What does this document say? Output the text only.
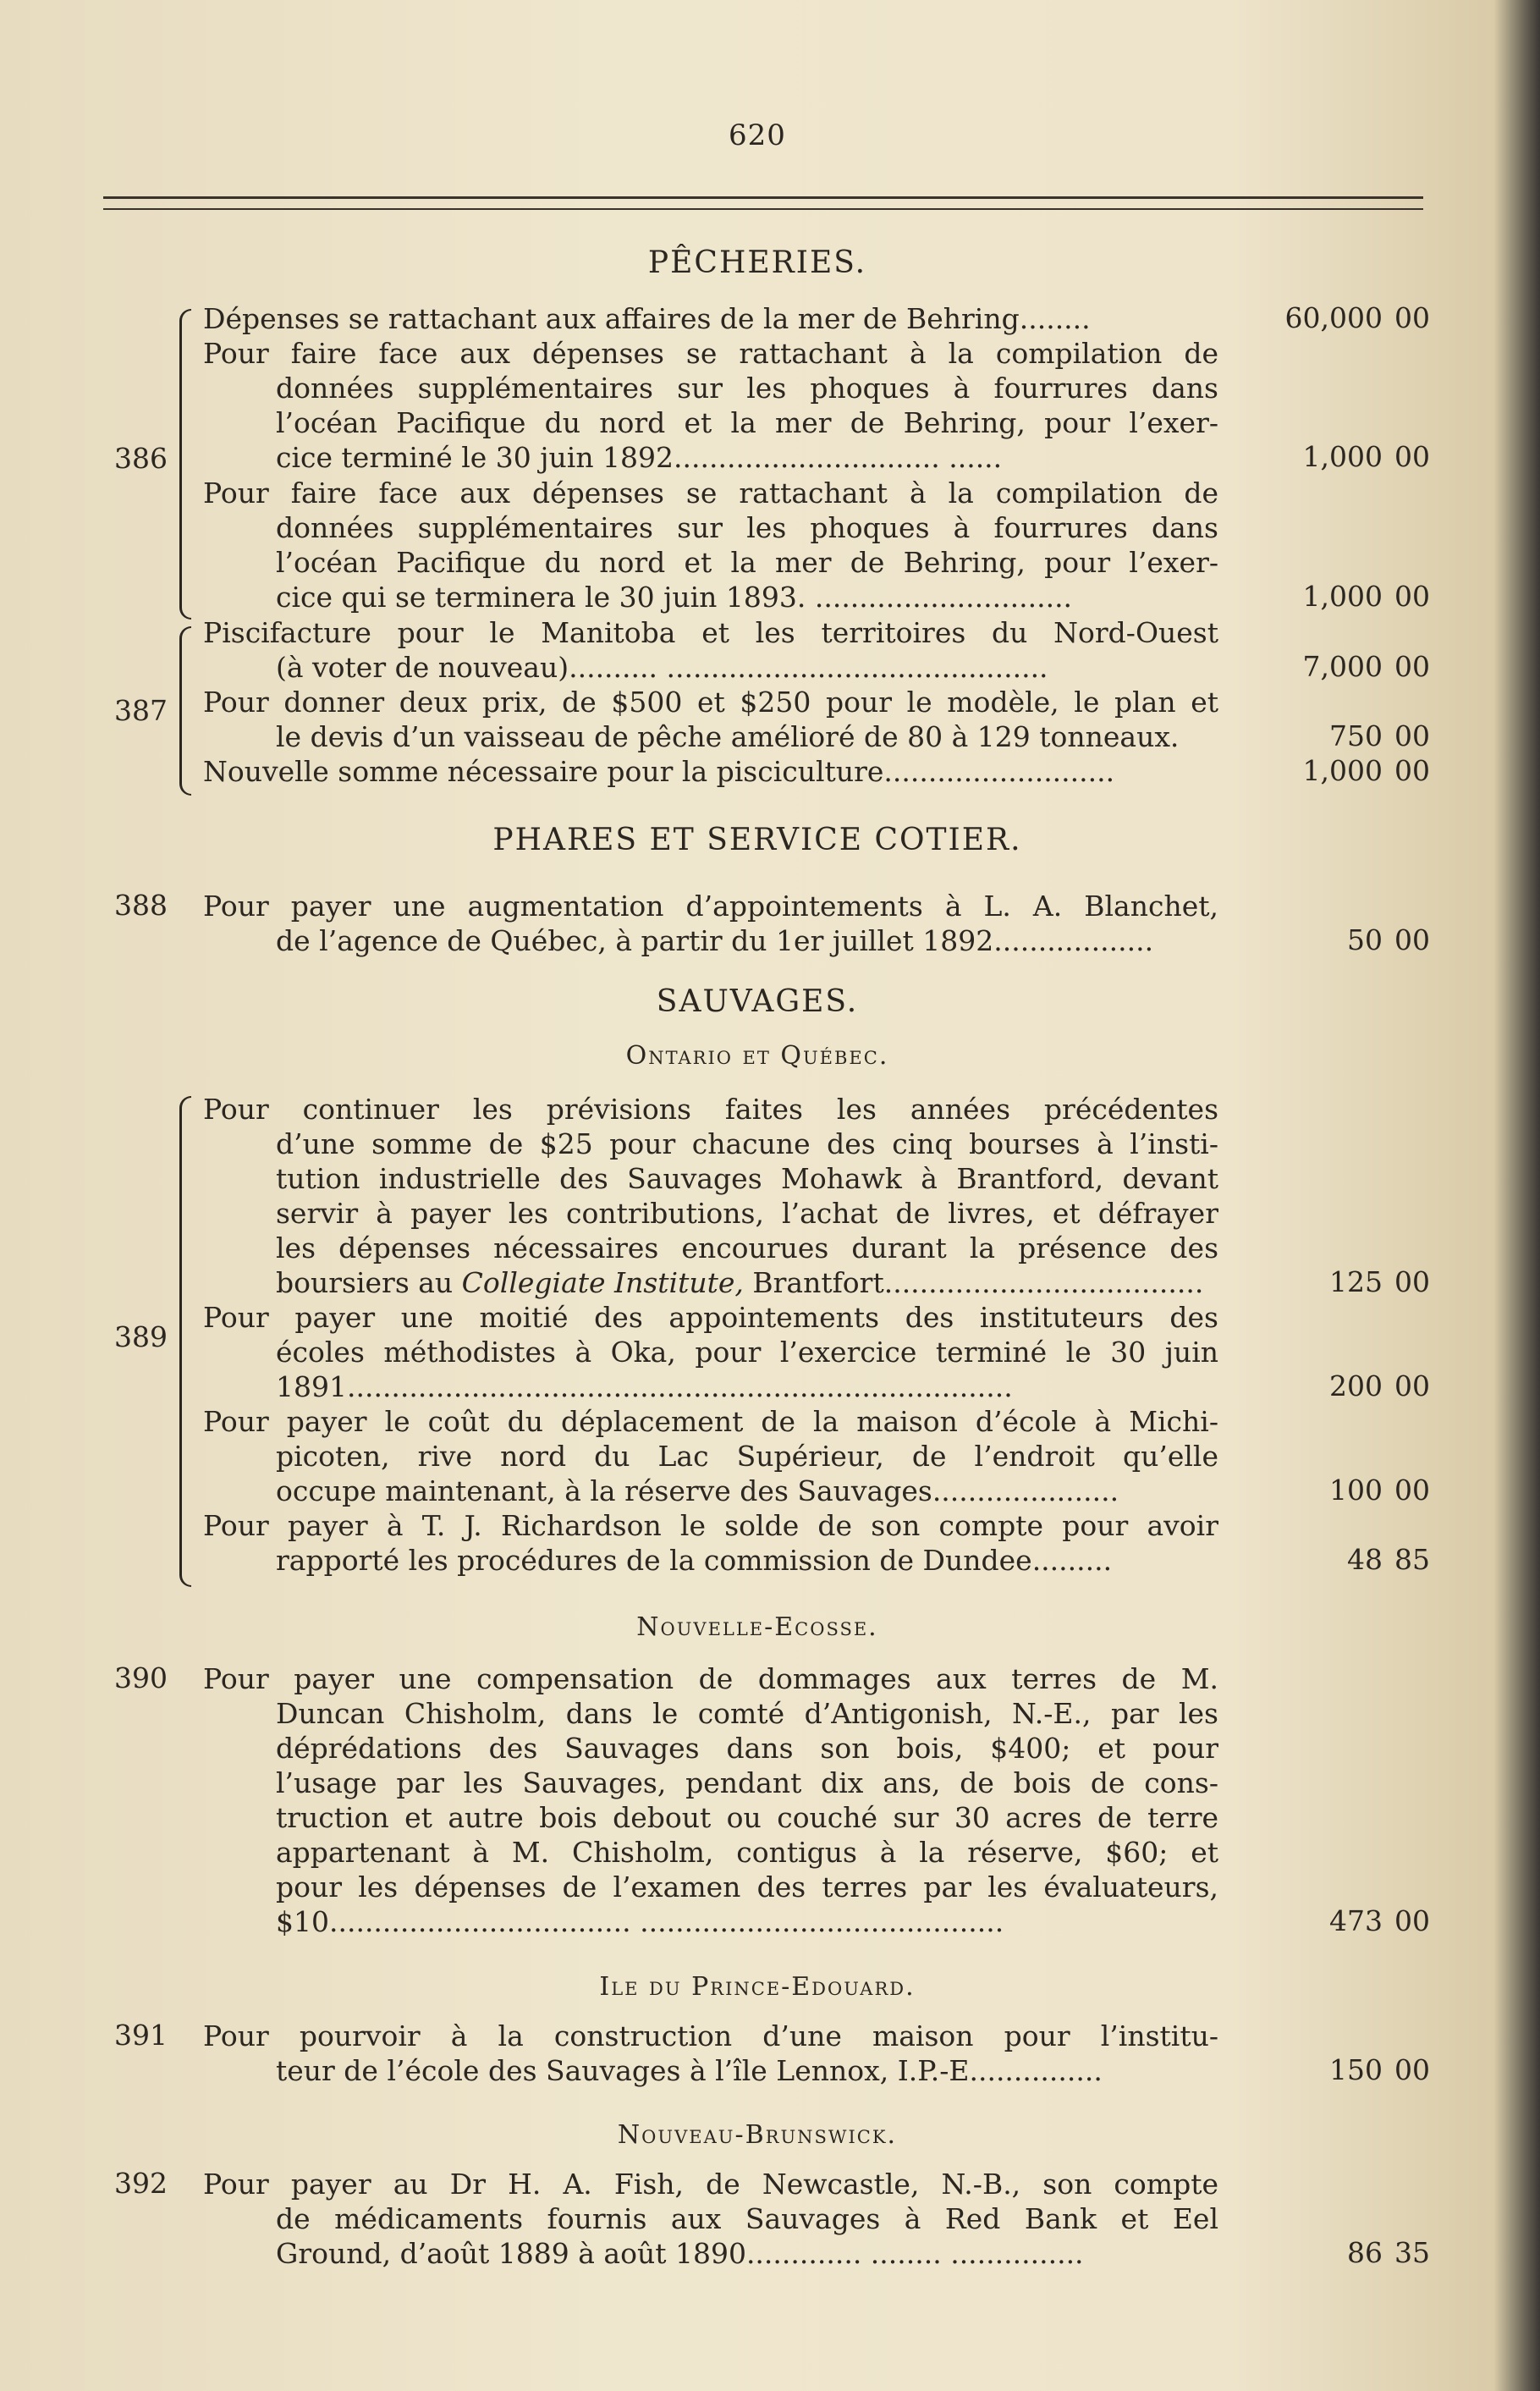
620
PÊCHERIES.
386
Dépenses se rattachant aux affaires de la mer de Behring........	60,000 00
Pour faire face aux dépenses se rattachant à la compilation de
données supplémentaires sur les phoques à fourrures dans
l’océan Pacifique du nord et la mer de Behring, pour l’exer-
cice terminé le 30 juin 1892.............................. ......	1,000 00
Pour faire face aux dépenses se rattachant à la compilation de
données supplémentaires sur les phoques à fourrures dans
l’océan Pacifique du nord et la mer de Behring, pour l’exer-
cice qui se terminera le 30 juin 1893. .............................	1,000 00
387
Piscifacture pour le Manitoba et les territoires du Nord-Ouest
(à voter de nouveau).......... ...........................................	7,000 00
Pour donner deux prix, de $500 et $250 pour le modèle, le plan et
le devis d’un vaisseau de pêche amélioré de 80 à 129 tonneaux.	750 00
Nouvelle somme nécessaire pour la pisciculture..........................	1,000 00
PHARES ET SERVICE COTIER.
388 Pour payer une augmentation d’appointements à L. A. Blanchet,
de l’agence de Québec, à partir du 1er juillet 1892..................	50 00
SAUVAGES.
Ontario et Québec.
389
Pour continuer les prévisions faites les années précédentes
d’une somme de $25 pour chacune des cinq bourses à l’insti-
tution industrielle des Sauvages Mohawk à Brantford, devant
servir à payer les contributions, l’achat de livres, et défrayer
les dépenses nécessaires encourues durant la présence des
boursiers au Collegiate Institute, Brantfort....................................	125 00
Pour payer une moitié des appointements des instituteurs des
écoles méthodistes à Oka, pour l’exercice terminé le 30 juin
1891...........................................................................	200 00
Pour payer le coût du déplacement de la maison d’école à Michi-
picoten, rive nord du Lac Supérieur, de l’endroit qu’elle
occupe maintenant, à la réserve des Sauvages.....................	100 00
Pour payer à T. J. Richardson le solde de son compte pour avoir
rapporté les procédures de la commission de Dundee.........	48 85
Nouvelle-Ecosse.
390 Pour payer une compensation de dommages aux terres de M.
Duncan Chisholm, dans le comté d’Antigonish, N.-E., par les
déprédations des Sauvages dans son bois, $400; et pour
l’usage par les Sauvages, pendant dix ans, de bois de cons-
truction et autre bois debout ou couché sur 30 acres de terre
appartenant à M. Chisholm, contigus à la réserve, $60; et
pour les dépenses de l’examen des terres par les évaluateurs,
$10.................................. .........................................	473 00
Ile du Prince-Edouard.
391 Pour pourvoir à la construction d’une maison pour l’institu-
teur de l’école des Sauvages à l’île Lennox, I.P.-E...............	150 00
Nouveau-Brunswick.
392 Pour payer au Dr H. A. Fish, de Newcastle, N.-B., son compte
de médicaments fournis aux Sauvages à Red Bank et Eel
Ground, d’août 1889 à août 1890............. ........ ...............	86 35
